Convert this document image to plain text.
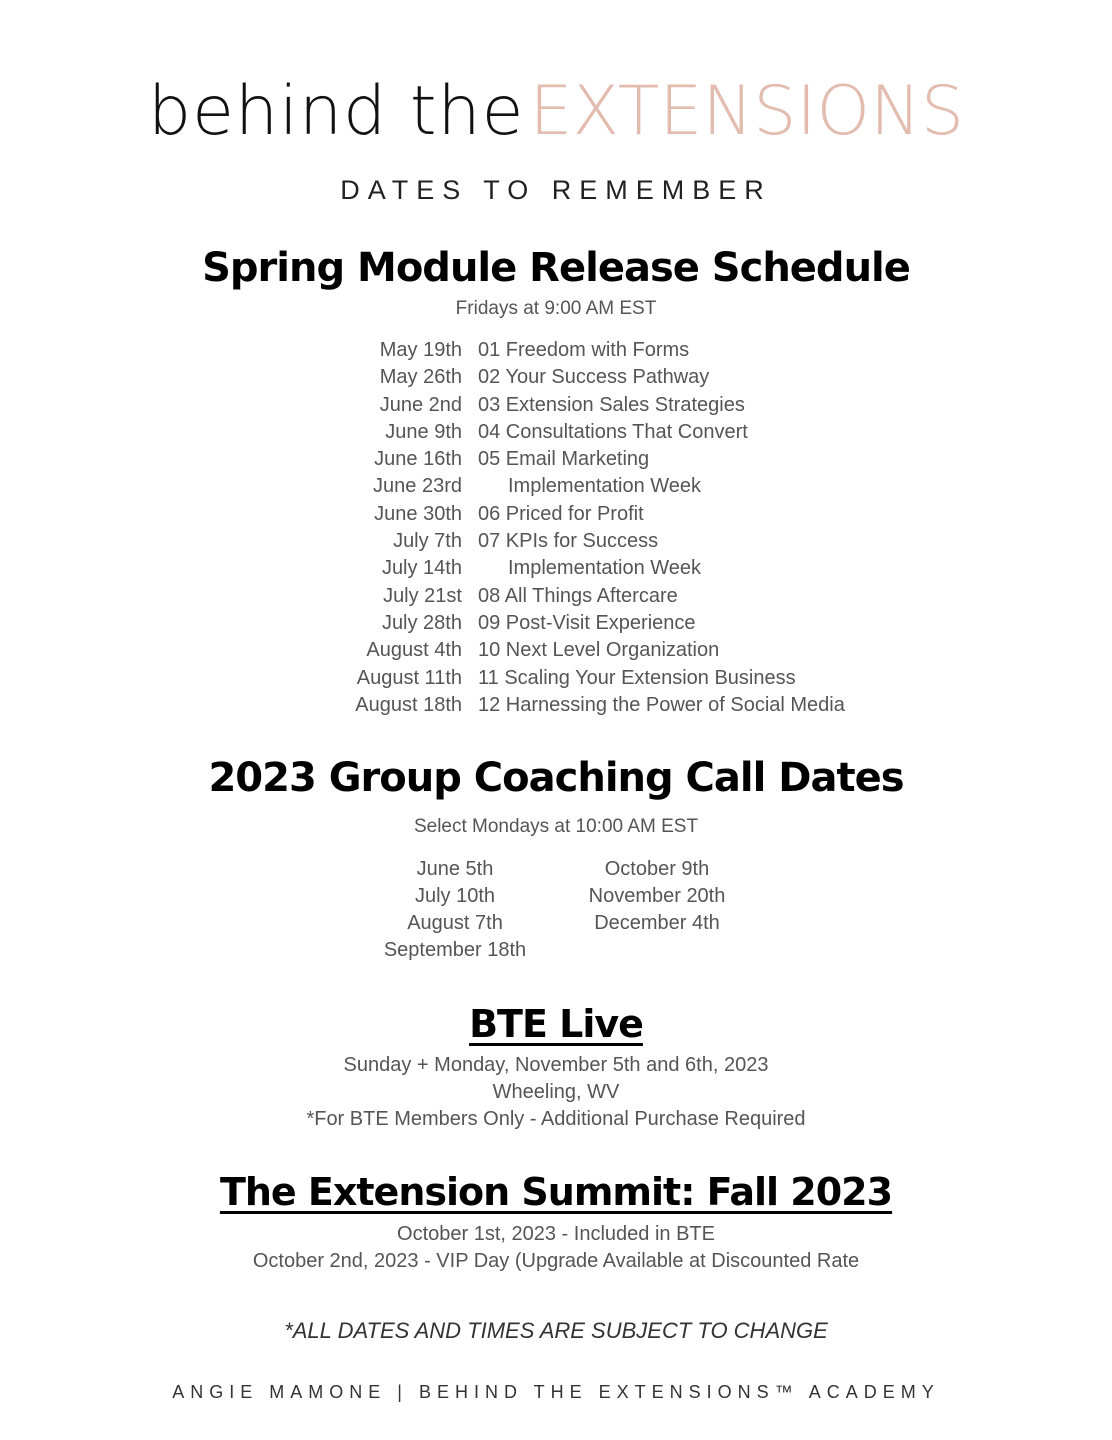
behind the EXTENSIONS
DATES TO REMEMBER
Spring Module Release Schedule
Fridays at 9:00 AM EST
May 19th 01 Freedom with Forms
May 26th 02 Your Success Pathway
June 2nd 03 Extension Sales Strategies
June 9th 04 Consultations That Convert
June 16th 05 Email Marketing
June 23rd Implementation Week
June 30th 06 Priced for Profit
July 7th 07 KPIs for Success
July 14th Implementation Week
July 21st 08 All Things Aftercare
July 28th 09 Post-Visit Experience
August 4th 10 Next Level Organization
August 11th 11 Scaling Your Extension Business
August 18th 12 Harnessing the Power of Social Media
2023 Group Coaching Call Dates
Select Mondays at 10:00 AM EST
June 5th
July 10th
August 7th
September 18th
October 9th
November 20th
December 4th
BTE Live
Sunday + Monday, November 5th and 6th, 2023
Wheeling, WV
*For BTE Members Only - Additional Purchase Required
The Extension Summit: Fall 2023
October 1st, 2023 - Included in BTE
October 2nd, 2023 - VIP Day (Upgrade Available at Discounted Rate
*ALL DATES AND TIMES ARE SUBJECT TO CHANGE
ANGIE MAMONE | BEHIND THE EXTENSIONS™ ACADEMY
